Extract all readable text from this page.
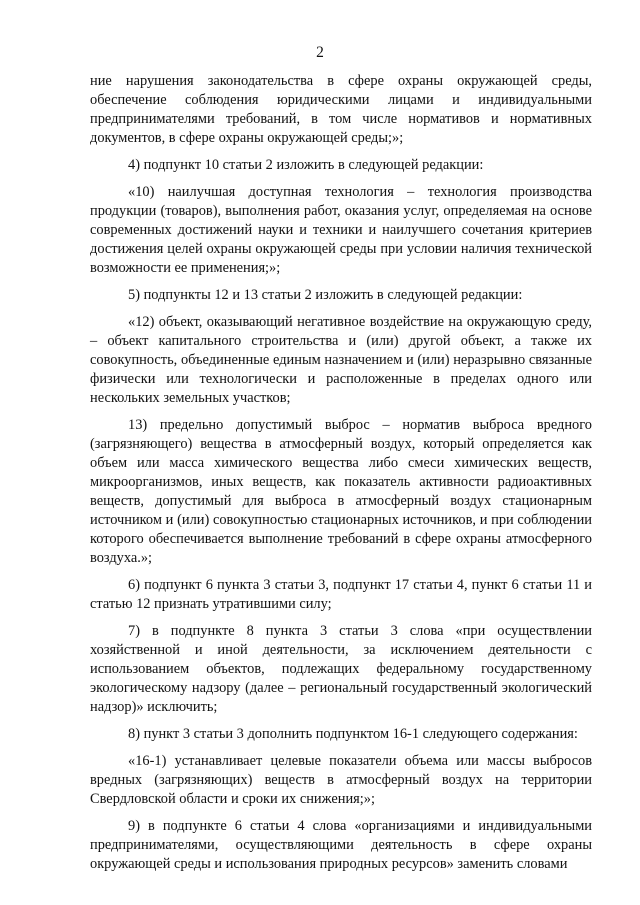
2

ние нарушения законодательства в сфере охраны окружающей среды, обеспечение соблюдения юридическими лицами и индивидуальными предпринимателями требований, в том числе нормативов и нормативных документов, в сфере охраны окружающей среды;»;

4) подпункт 10 статьи 2 изложить в следующей редакции:

«10) наилучшая доступная технология – технология производства продукции (товаров), выполнения работ, оказания услуг, определяемая на основе современных достижений науки и техники и наилучшего сочетания критериев достижения целей охраны окружающей среды при условии наличия технической возможности ее применения;»;

5) подпункты 12 и 13 статьи 2 изложить в следующей редакции:

«12) объект, оказывающий негативное воздействие на окружающую среду, – объект капитального строительства и (или) другой объект, а также их совокупность, объединенные единым назначением и (или) неразрывно связанные физически или технологически и расположенные в пределах одного или нескольких земельных участков;

13) предельно допустимый выброс – норматив выброса вредного (загрязняющего) вещества в атмосферный воздух, который определяется как объем или масса химического вещества либо смеси химических веществ, микроорганизмов, иных веществ, как показатель активности радиоактивных веществ, допустимый для выброса в атмосферный воздух стационарным источником и (или) совокупностью стационарных источников, и при соблюдении которого обеспечивается выполнение требований в сфере охраны атмосферного воздуха.»;

6) подпункт 6 пункта 3 статьи 3, подпункт 17 статьи 4, пункт 6 статьи 11 и статью 12 признать утратившими силу;

7) в подпункте 8 пункта 3 статьи 3 слова «при осуществлении хозяйственной и иной деятельности, за исключением деятельности с использованием объектов, подлежащих федеральному государственному экологическому надзору (далее – региональный государственный экологический надзор)» исключить;

8) пункт 3 статьи 3 дополнить подпунктом 16-1 следующего содержания:

«16-1) устанавливает целевые показатели объема или массы выбросов вредных (загрязняющих) веществ в атмосферный воздух на территории Свердловской области и сроки их снижения;»;

9) в подпункте 6 статьи 4 слова «организациями и индивидуальными предпринимателями, осуществляющими деятельность в сфере охраны окружающей среды и использования природных ресурсов» заменить словами
